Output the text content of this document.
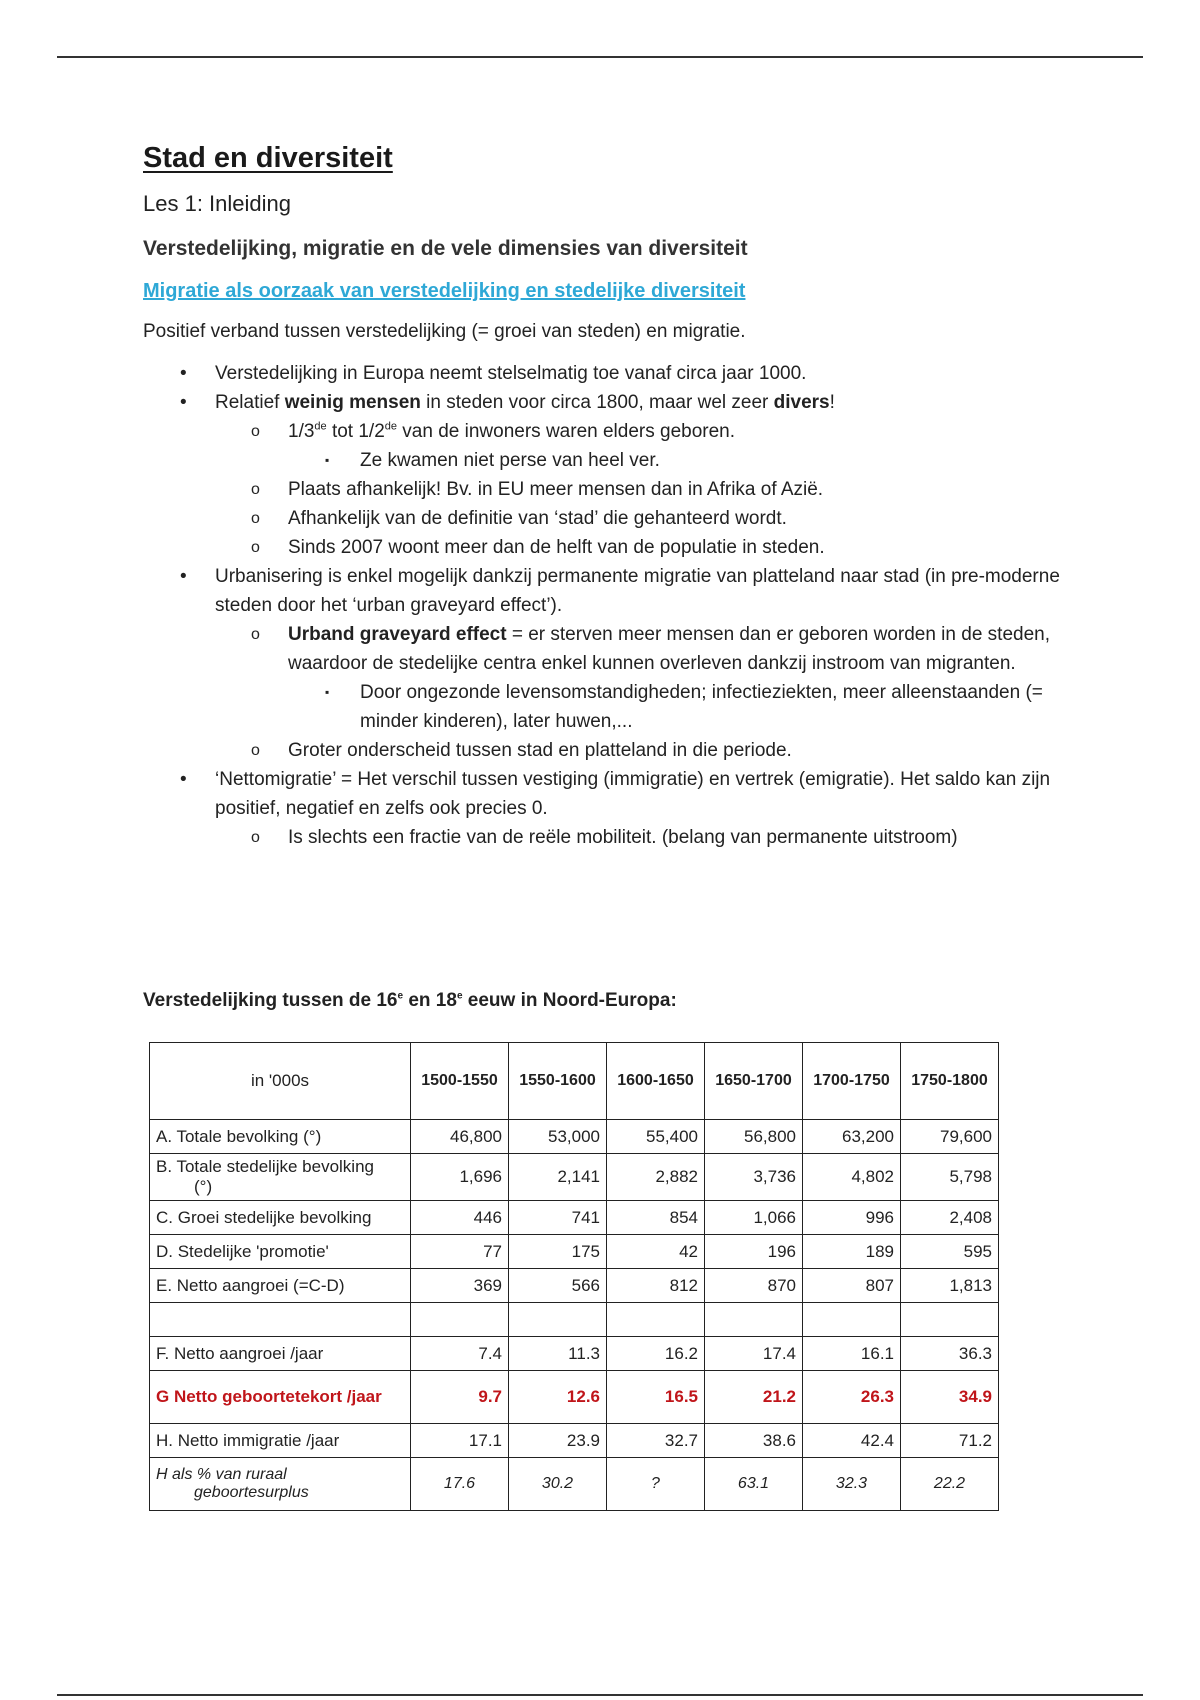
Stad en diversiteit
Les 1: Inleiding
Verstedelijking, migratie en de vele dimensies van diversiteit
Migratie als oorzaak van verstedelijking en stedelijke diversiteit
Positief verband tussen verstedelijking (= groei van steden) en migratie.
• Verstedelijking in Europa neemt stelselmatig toe vanaf circa jaar 1000.
• Relatief weinig mensen in steden voor circa 1800, maar wel zeer divers!
o 1/3de tot 1/2de van de inwoners waren elders geboren.
▪ Ze kwamen niet perse van heel ver.
o Plaats afhankelijk! Bv. in EU meer mensen dan in Afrika of Azië.
o Afhankelijk van de definitie van ‘stad’ die gehanteerd wordt.
o Sinds 2007 woont meer dan de helft van de populatie in steden.
• Urbanisering is enkel mogelijk dankzij permanente migratie van platteland naar stad (in pre-moderne steden door het ‘urban graveyard effect’).
o Urband graveyard effect = er sterven meer mensen dan er geboren worden in de steden, waardoor de stedelijke centra enkel kunnen overleven dankzij instroom van migranten.
▪ Door ongezonde levensomstandigheden; infectieziekten, meer alleenstaanden (= minder kinderen), later huwen,...
o Groter onderscheid tussen stad en platteland in die periode.
• ‘Nettomigratie’ = Het verschil tussen vestiging (immigratie) en vertrek (emigratie). Het saldo kan zijn positief, negatief en zelfs ook precies 0.
o Is slechts een fractie van de reële mobiliteit. (belang van permanente uitstroom)
Verstedelijking tussen de 16e en 18e eeuw in Noord-Europa:
in '000s	1500-1550	1550-1600	1600-1650	1650-1700	1700-1750	1750-1800
A. Totale bevolking (°)	46,800	53,000	55,400	56,800	63,200	79,600
B. Totale stedelijke bevolking

(°)	1,696	2,141	2,882	3,736	4,802	5,798
C. Groei stedelijke bevolking	446	741	854	1,066	996	2,408
D. Stedelijke 'promotie'	77	175	42	196	189	595
E. Netto aangroei (=C-D)	369	566	812	870	807	1,813

F. Netto aangroei /jaar	7.4	11.3	16.2	17.4	16.1	36.3
G Netto geboortetekort /jaar	9.7	12.6	16.5	21.2	26.3	34.9
H. Netto immigratie /jaar	17.1	23.9	32.7	38.6	42.4	71.2
H als % van ruraal

geboortesurplus	17.6	30.2	?	63.1	32.3	22.2
